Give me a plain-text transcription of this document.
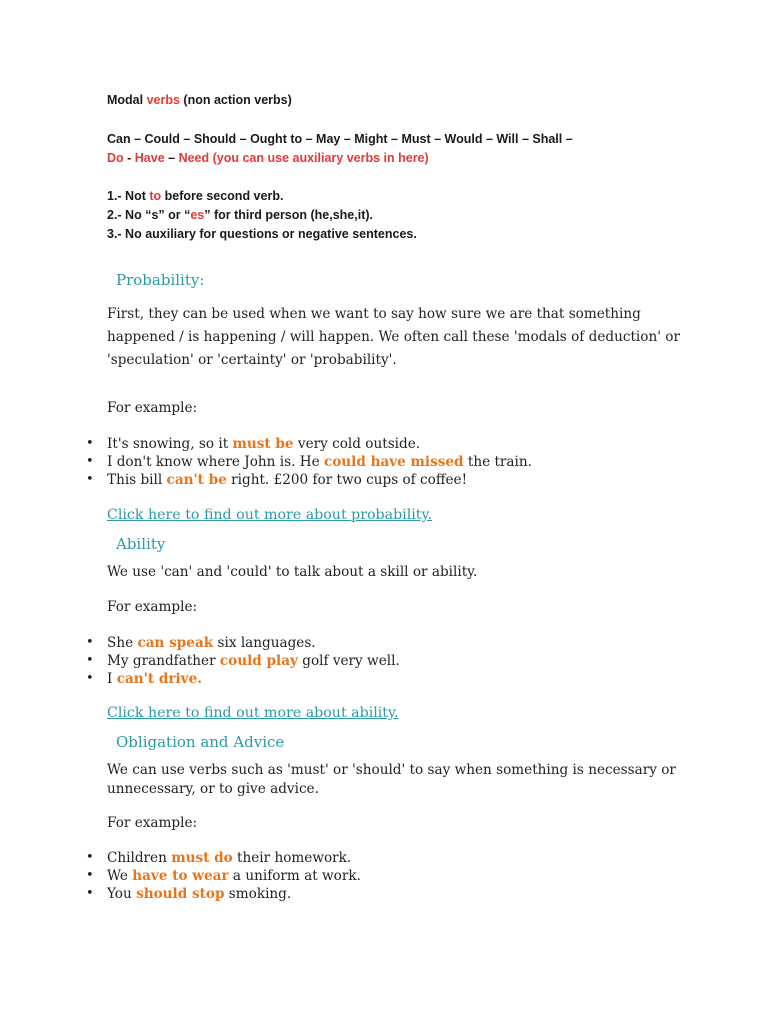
Modal verbs (non action verbs)
Can – Could – Should – Ought to – May – Might – Must – Would – Will – Shall –
Do - Have – Need (you can use auxiliary verbs in here)
1.- Not to before second verb.
2.- No “s” or “es” for third person (he,she,it).
3.- No auxiliary for questions or negative sentences.
Probability:
First, they can be used when we want to say how sure we are that something
happened / is happening / will happen. We often call these 'modals of deduction' or
'speculation' or 'certainty' or 'probability'.
For example:
• It's snowing, so it must be very cold outside.
• I don't know where John is. He could have missed the train.
• This bill can't be right. £200 for two cups of coffee!
Click here to find out more about probability.
Ability
We use 'can' and 'could' to talk about a skill or ability.
For example:
• She can speak six languages.
• My grandfather could play golf very well.
• I can't drive.
Click here to find out more about ability.
Obligation and Advice
We can use verbs such as 'must' or 'should' to say when something is necessary or
unnecessary, or to give advice.
For example:
• Children must do their homework.
• We have to wear a uniform at work.
• You should stop smoking.
